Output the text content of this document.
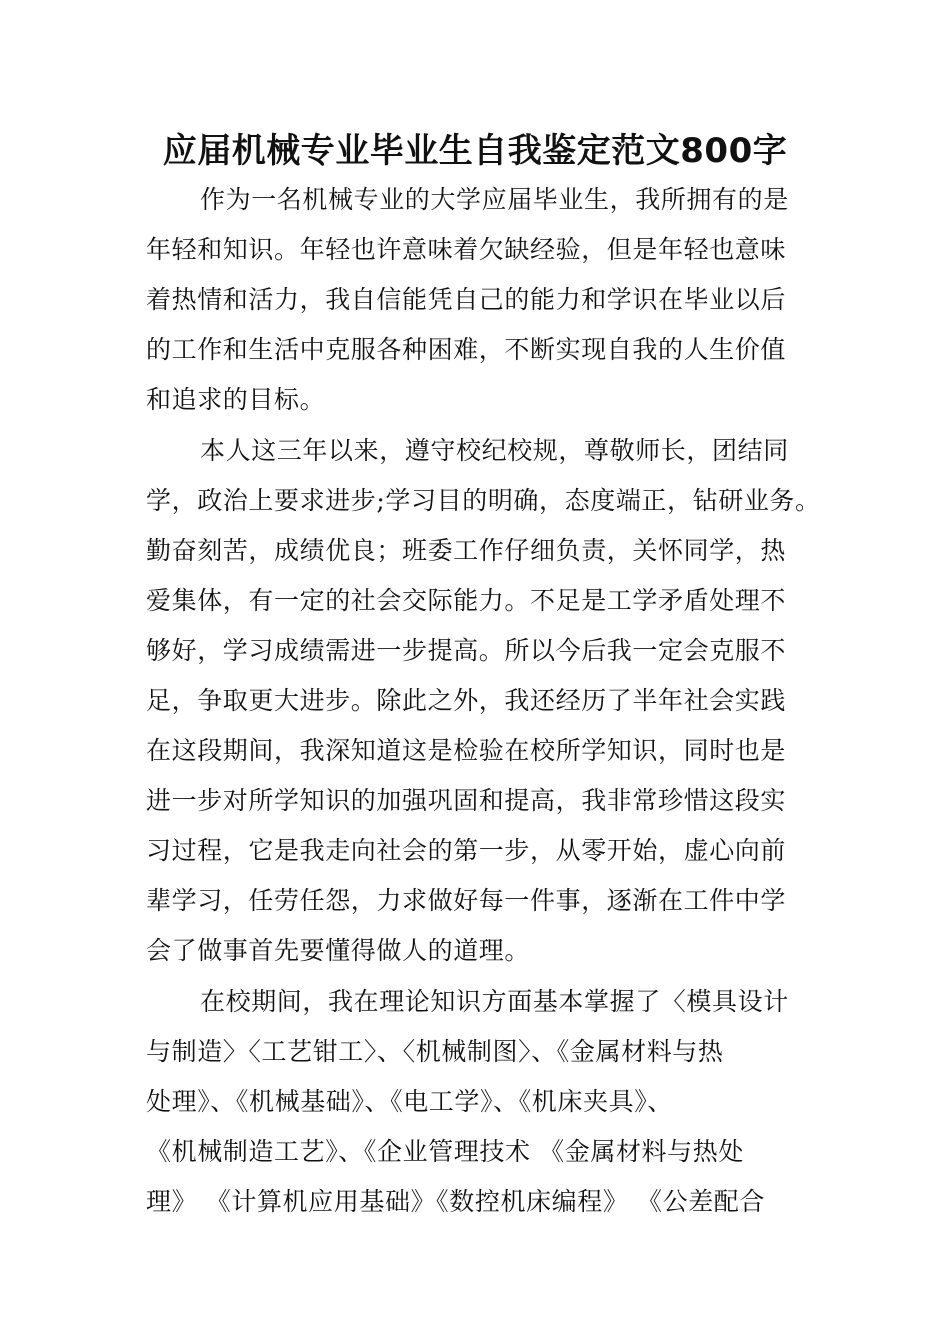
应届机械专业毕业生自我鉴定范文800字
作为一名机械专业的大学应届毕业生，我所拥有的是
年轻和知识。年轻也许意味着欠缺经验，但是年轻也意味
着热情和活力，我自信能凭自己的能力和学识在毕业以后
的工作和生活中克服各种困难，不断实现自我的人生价值
和追求的目标。
本人这三年以来，遵守校纪校规，尊敬师长，团结同
学，政治上要求进步;学习目的明确，态度端正，钻研业务。
勤奋刻苦，成绩优良；班委工作仔细负责，关怀同学，热
爱集体，有一定的社会交际能力。不足是工学矛盾处理不
够好，学习成绩需进一步提高。所以今后我一定会克服不
足，争取更大进步。除此之外，我还经历了半年社会实践
在这段期间，我深知道这是检验在校所学知识，同时也是
进一步对所学知识的加强巩固和提高，我非常珍惜这段实
习过程，它是我走向社会的第一步，从零开始，虚心向前
辈学习，任劳任怨，力求做好每一件事，逐渐在工件中学
会了做事首先要懂得做人的道理。
在校期间，我在理论知识方面基本掌握了〈模具设计
与制造〉〈工艺钳工〉、〈机械制图〉、《金属材料与热
处理》、《机械基础》、《电工学》、《机床夹具》、
《机械制造工艺》、《企业管理技术 《金属材料与热处
理》 《计算机应用基础》《数控机床编程》 《公差配合
